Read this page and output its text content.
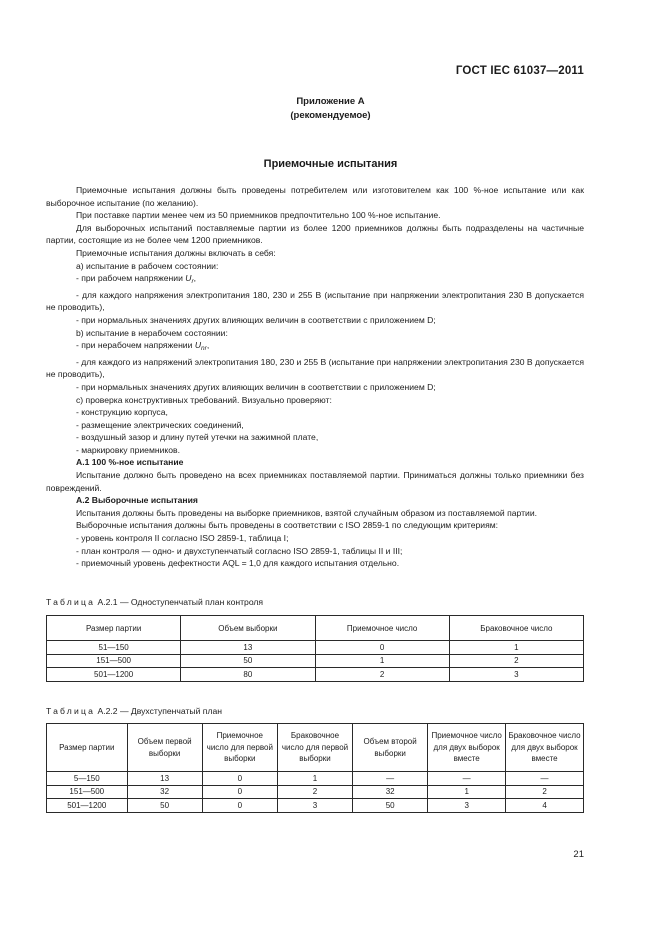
ГОСТ IEC 61037—2011
Приложение А
(рекомендуемое)
Приемочные испытания

Приемочные испытания должны быть проведены потребителем или изготовителем как 100 %-ное испытание или как выборочное испытание (по желанию).

При поставке партии менее чем из 50 приемников предпочтительно 100 %-ное испытание.

Для выборочных испытаний поставляемые партии из более 1200 приемников должны быть подразделены на частичные партии, состоящие из не более чем 1200 приемников.

Приемочные испытания должны включать в себя:

а) испытание в рабочем состоянии:

- при рабочем напряжении $U_r$,

- для каждого напряжения электропитания 180, 230 и 255 В (испытание при напряжении электропитания 230 В допускается не проводить),

- при нормальных значениях других влияющих величин в соответствии с приложением D;

b) испытание в нерабочем состоянии:

- при нерабочем напряжении $U_{nr}$,

- для каждого из напряжений электропитания 180, 230 и 255 В (испытание при напряжении электропитания 230 В допускается не проводить),

- при нормальных значениях других влияющих величин в соответствии с приложением D;

с) проверка конструктивных требований. Визуально проверяют:

- конструкцию корпуса,

- размещение электрических соединений,

- воздушный зазор и длину путей утечки на зажимной плате,

- маркировку приемников.

А.1 100 %-ное испытание

Испытание должно быть проведено на всех приемниках поставляемой партии. Приниматься должны только приемники без повреждений.

А.2 Выборочные испытания

Испытания должны быть проведены на выборке приемников, взятой случайным образом из поставляемой партии.

Выборочные испытания должны быть проведены в соответствии с ISO 2859-1 по следующим критериям:

- уровень контроля II согласно ISO 2859-1, таблица I;

- план контроля — одно- и двухступенчатый согласно ISO 2859-1, таблицы II и III;

- приемочный уровень дефектности AQL = 1,0 для каждого испытания отдельно.

Таблица А.2.1 — Одноступенчатый план контроля
Размер партии	Объем выборки	Приемочное число	Браковочное число
51—150	13	0	1
151—500	50	1	2
501—1200	80	2	3
Таблица А.2.2 — Двухступенчатый план
Размер партии	Объем первой выборки	Приемочное число для первой выборки	Браковочное число для первой выборки	Объем второй выборки	Приемочное число для двух выборок вместе	Браковочное число для двух выборок вместе
5—150	13	0	1	—	—	—
151—500	32	0	2	32	1	2
501—1200	50	0	3	50	3	4
21
